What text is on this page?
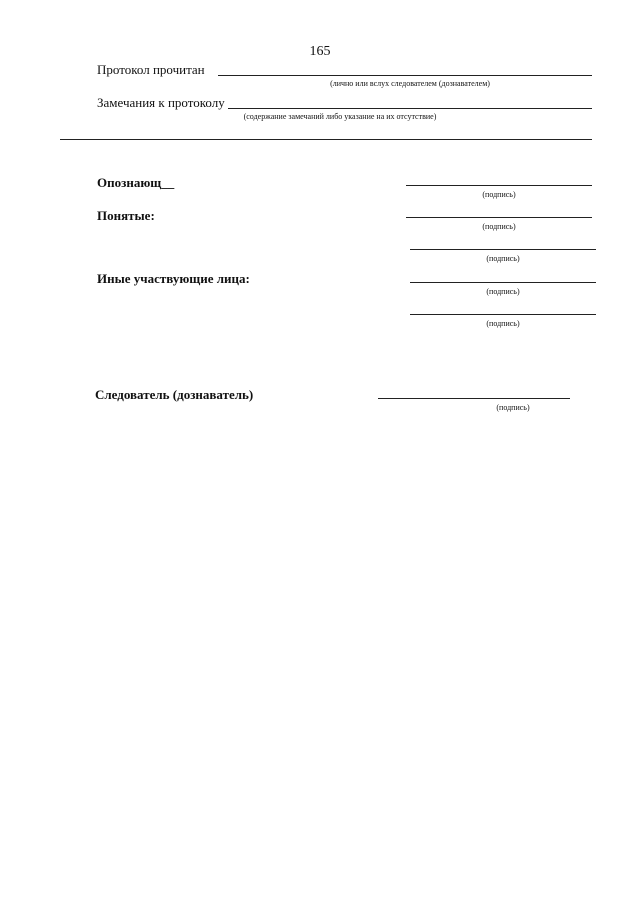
165
Протокол прочитан
(лично или вслух следователем (дознавателем)
Замечания к протоколу
(содержание замечаний либо указание на их отсутствие)
Опознающ__
(подпись)
Понятые:
(подпись)
(подпись)
Иные участвующие лица:
(подпись)
(подпись)
Следователь (дознаватель)
(подпись)
